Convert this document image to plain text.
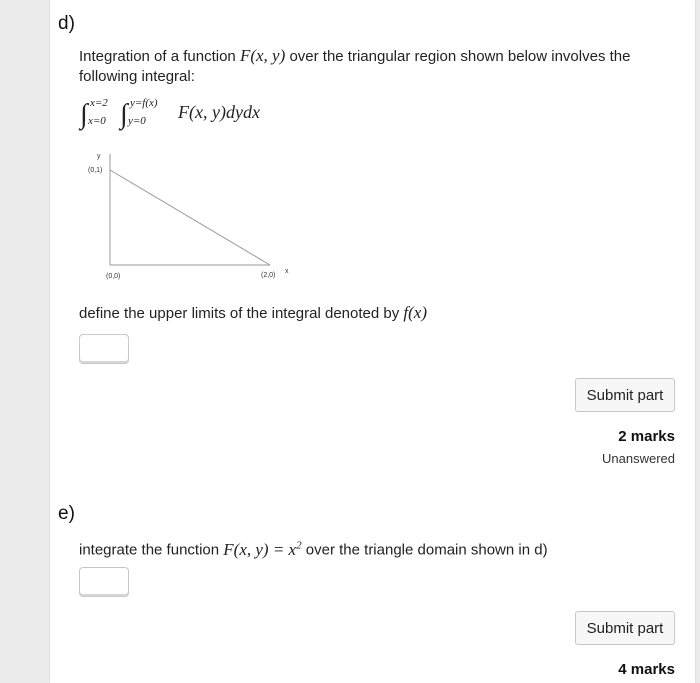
d)
Integration of a function F(x, y) over the triangular region shown below involves the
following integral:
∫ x=2
x=0 ∫ y=f(x)
y=0 F(x, y)dydx
y
x
(0,1)
(0,0)	(2,0)
define the upper limits of the integral denoted by f(x)
Submit part
2 marks
Unanswered
e)
integrate the function F(x, $y) = x^2$ over the triangle domain shown in d)
Submit part
4 marks
